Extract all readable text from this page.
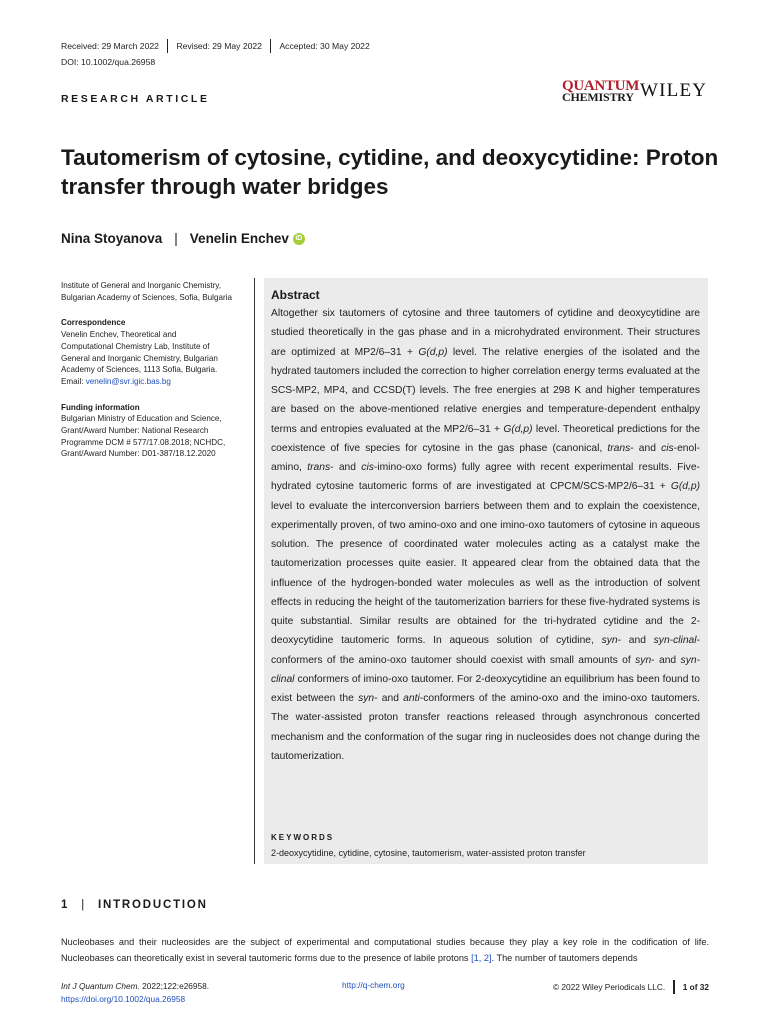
Received: 29 March 2022 Revised: 29 May 2022 Accepted: 30 May 2022
DOI: 10.1002/qua.26958
RESEARCH ARTICLE
QUANTUM
CHEMISTRY WILEY
Tautomerism of cytosine, cytidine, and deoxycytidine: Proton transfer through water bridges
Nina Stoyanova | Venelin Enchev iD
Institute of General and Inorganic Chemistry,
Bulgarian Academy of Sciences, Sofia, Bulgaria
Correspondence
Venelin Enchev, Theoretical and
Computational Chemistry Lab, Institute of
General and Inorganic Chemistry, Bulgarian
Academy of Sciences, 1113 Sofia, Bulgaria.
Email: venelin@svr.igic.bas.bg
Funding information
Bulgarian Ministry of Education and Science,
Grant/Award Number: National Research
Programme DCM # 577/17.08.2018; NCHDC,
Grant/Award Number: D01-387/18.12.2020
Abstract

Altogether six tautomers of cytosine and three tautomers of cytidine and deoxycytidine are studied theoretically in the gas phase and in a microhydrated environment. Their structures are optimized at MP2/6–31 + G(d,p) level. The relative energies of the isolated and the hydrated tautomers included the correction to higher correlation energy terms evaluated at the SCS-MP2, MP4, and CCSD(T) levels. The free energies at 298 K and higher temperatures are based on the above-mentioned relative energies and temperature-dependent enthalpy terms and entropies evaluated at the MP2/6–31 + G(d,p) level. Theoretical predictions for the coexistence of five species for cytosine in the gas phase (canonical, trans- and cis-enol-amino, trans- and cis-imino-oxo forms) fully agree with recent experimental results. Five-hydrated cytosine tautomeric forms of are investigated at CPCM/SCS-MP2/6–31 + G(d,p) level to evaluate the interconversion barriers between them and to explain the coexistence, experimentally proven, of two amino-oxo and one imino-oxo tautomers of cytosine in aqueous solution. The presence of coordinated water molecules acting as a catalyst make the tautomerization processes quite easier. It appeared clear from the obtained data that the influence of the hydrogen-bonded water molecules as well as the introduction of solvent effects in reducing the height of the tautomerization barriers for these five-hydrated systems is quite substantial. Similar results are obtained for the tri-hydrated cytidine and the 2-deoxycytidine tautomeric forms. In aqueous solution of cytidine, syn- and syn-clinal-conformers of the amino-oxo tautomer should coexist with small amounts of syn- and syn-clinal conformers of imino-oxo tautomer. For 2-deoxycytidine an equilibrium has been found to exist between the syn- and anti-conformers of the amino-oxo and the imino-oxo tautomers. The water-assisted proton transfer reactions released through asynchronous concerted mechanism and the conformation of the sugar ring in nucleosides does not change during the tautomerization.

KEYWORDS
2-deoxycytidine, cytidine, cytosine, tautomerism, water-assisted proton transfer
1 | INTRODUCTION

Nucleobases and their nucleosides are the subject of experimental and computational studies because they play a key role in the codification of life. Nucleobases can theoretically exist in several tautomeric forms due to the presence of labile protons [1, 2]. The number of tautomers depends

Int J Quantum Chem. 2022;122:e26958.
https://doi.org/10.1002/qua.26958
http://q-chem.org	© 2022 Wiley Periodicals LLC. 1 of 32
